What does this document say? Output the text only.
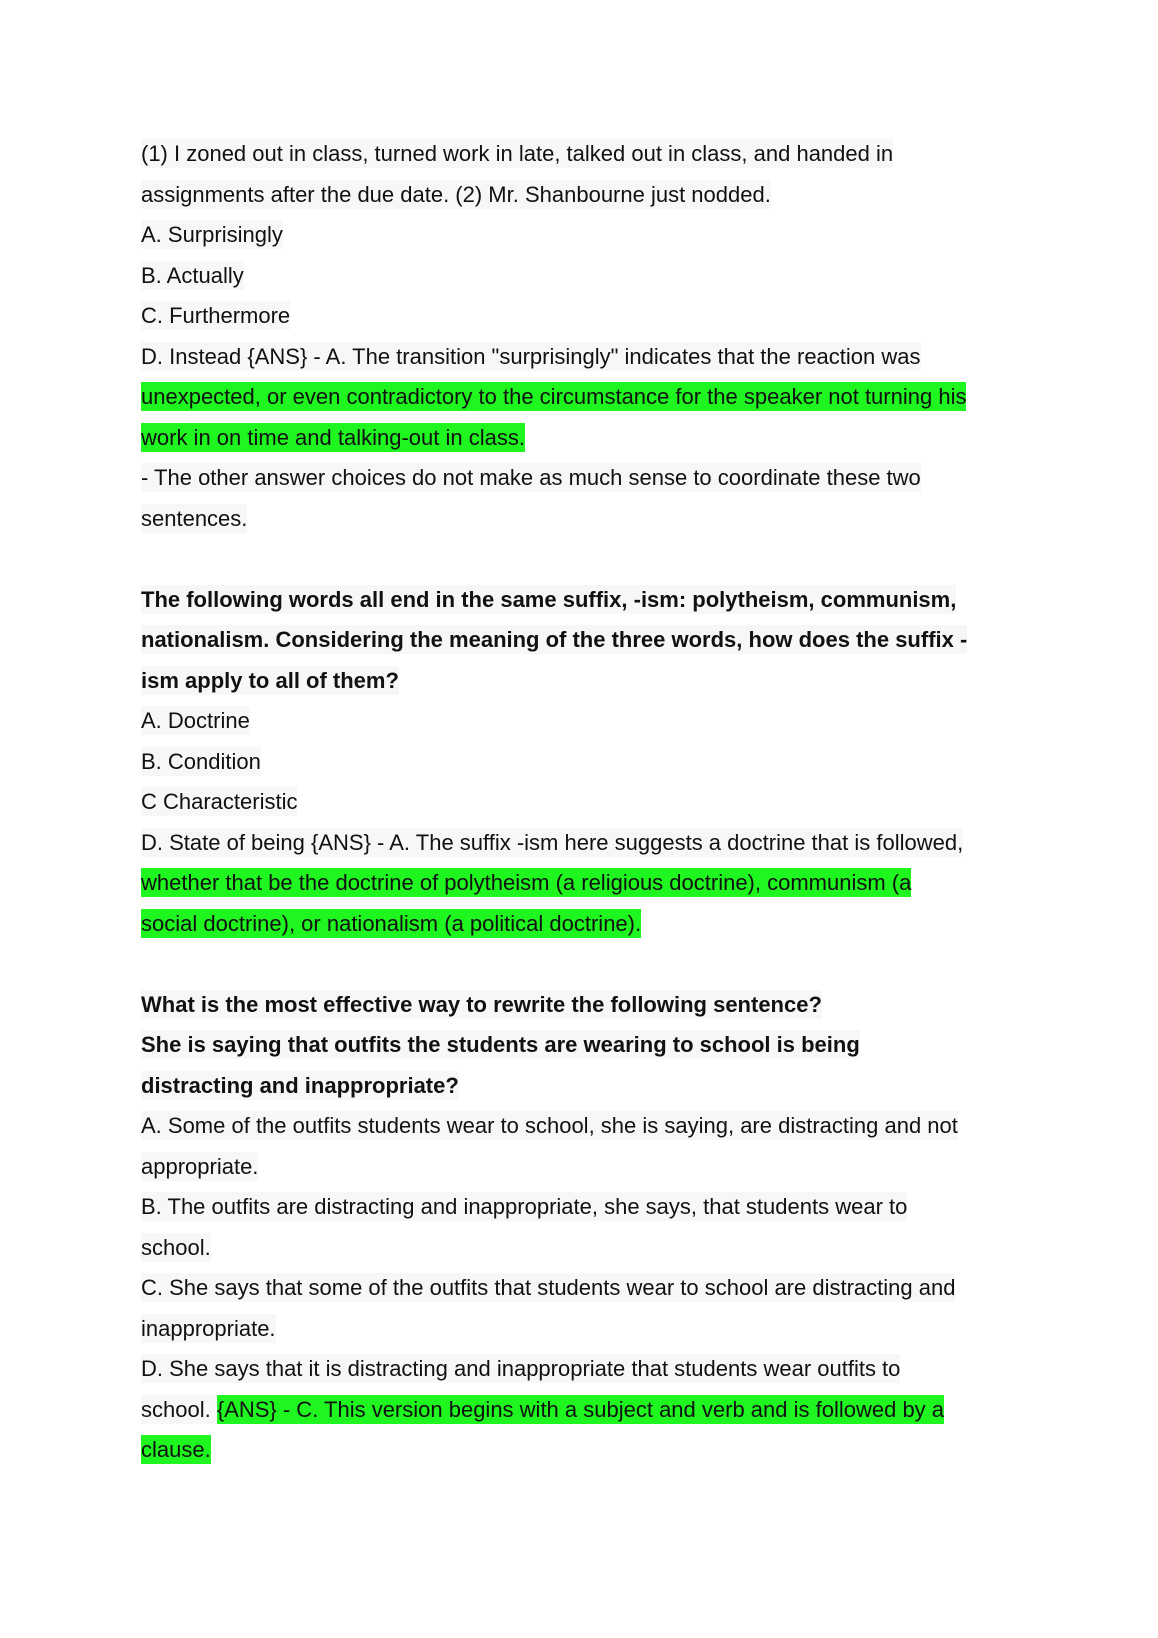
(1) I zoned out in class, turned work in late, talked out in class, and handed in
assignments after the due date. (2) Mr. Shanbourne just nodded.
A. Surprisingly
B. Actually
C. Furthermore
D. Instead {ANS} - A. The transition "surprisingly" indicates that the reaction was
unexpected, or even contradictory to the circumstance for the speaker not turning his
work in on time and talking-out in class.
- The other answer choices do not make as much sense to coordinate these two
sentences.
The following words all end in the same suffix, -ism: polytheism, communism,
nationalism. Considering the meaning of the three words, how does the suffix -
ism apply to all of them?
A. Doctrine
B. Condition
C Characteristic
D. State of being {ANS} - A. The suffix -ism here suggests a doctrine that is followed,
whether that be the doctrine of polytheism (a religious doctrine), communism (a
social doctrine), or nationalism (a political doctrine).
What is the most effective way to rewrite the following sentence?
She is saying that outfits the students are wearing to school is being
distracting and inappropriate?
A. Some of the outfits students wear to school, she is saying, are distracting and not
appropriate.
B. The outfits are distracting and inappropriate, she says, that students wear to
school.
C. She says that some of the outfits that students wear to school are distracting and
inappropriate.
D. She says that it is distracting and inappropriate that students wear outfits to
school. {ANS} - C. This version begins with a subject and verb and is followed by a
clause.
